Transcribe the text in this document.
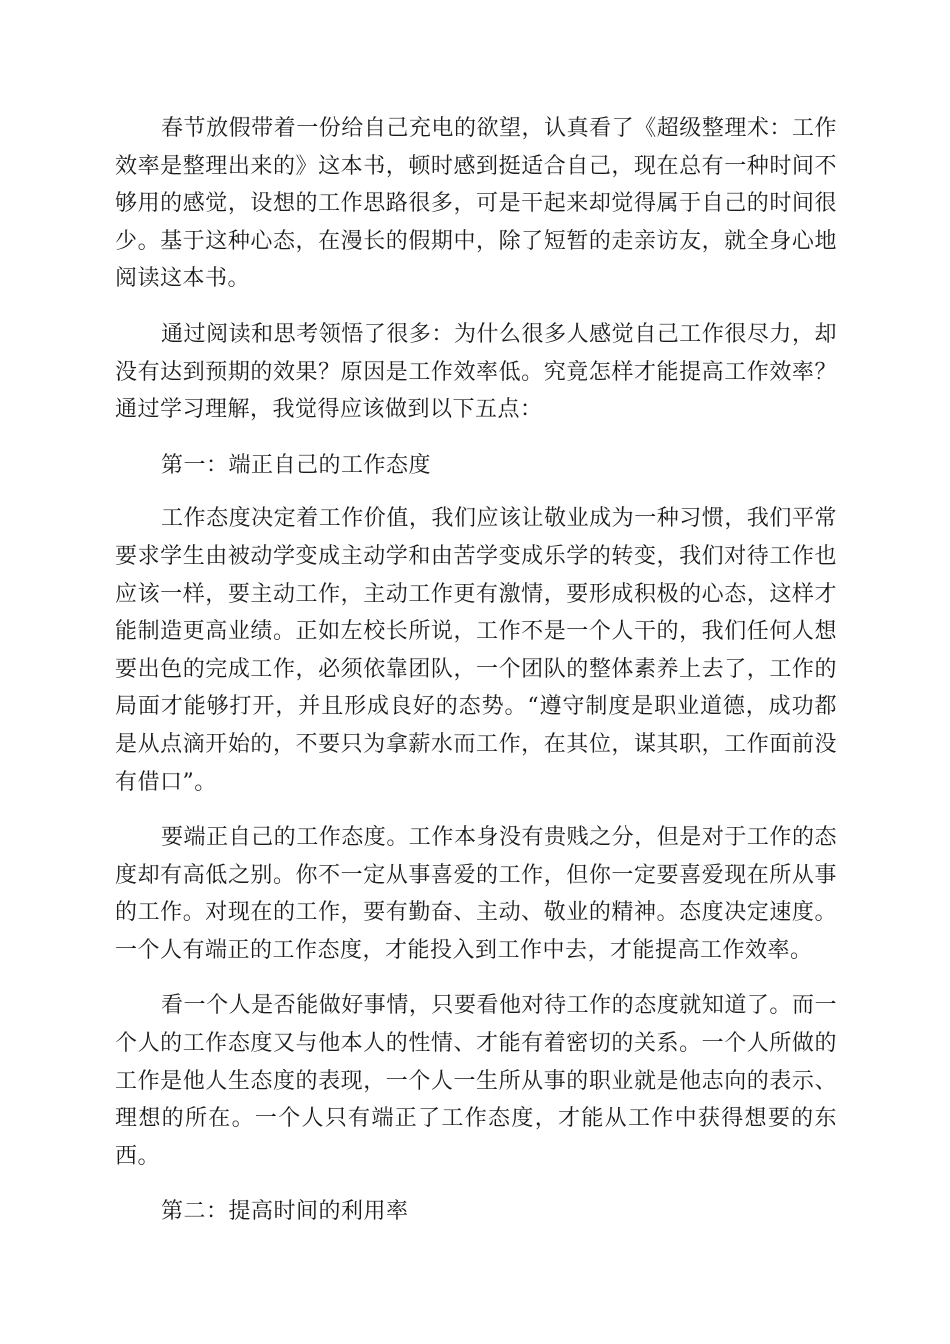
春节放假带着一份给自己充电的欲望，认真看了《超级整理术：工作效率是整理出来的》这本书，顿时感到挺适合自己，现在总有一种时间不够用的感觉，设想的工作思路很多，可是干起来却觉得属于自己的时间很少。基于这种心态，在漫长的假期中，除了短暂的走亲访友，就全身心地阅读这本书。

通过阅读和思考领悟了很多：为什么很多人感觉自己工作很尽力，却没有达到预期的效果？原因是工作效率低。究竟怎样才能提高工作效率？通过学习理解，我觉得应该做到以下五点：

第一：端正自己的工作态度

工作态度决定着工作价值，我们应该让敬业成为一种习惯，我们平常要求学生由被动学变成主动学和由苦学变成乐学的转变，我们对待工作也应该一样，要主动工作，主动工作更有激情，要形成积极的心态，这样才能制造更高业绩。正如左校长所说，工作不是一个人干的，我们任何人想要出色的完成工作，必须依靠团队，一个团队的整体素养上去了，工作的局面才能够打开，并且形成良好的态势。“遵守制度是职业道德，成功都是从点滴开始的，不要只为拿薪水而工作，在其位，谋其职，工作面前没有借口”。

要端正自己的工作态度。工作本身没有贵贱之分，但是对于工作的态度却有高低之别。你不一定从事喜爱的工作，但你一定要喜爱现在所从事的工作。对现在的工作，要有勤奋、主动、敬业的精神。态度决定速度。一个人有端正的工作态度，才能投入到工作中去，才能提高工作效率。

看一个人是否能做好事情，只要看他对待工作的态度就知道了。而一个人的工作态度又与他本人的性情、才能有着密切的关系。一个人所做的工作是他人生态度的表现，一个人一生所从事的职业就是他志向的表示、理想的所在。一个人只有端正了工作态度，才能从工作中获得想要的东西。

第二：提高时间的利用率
